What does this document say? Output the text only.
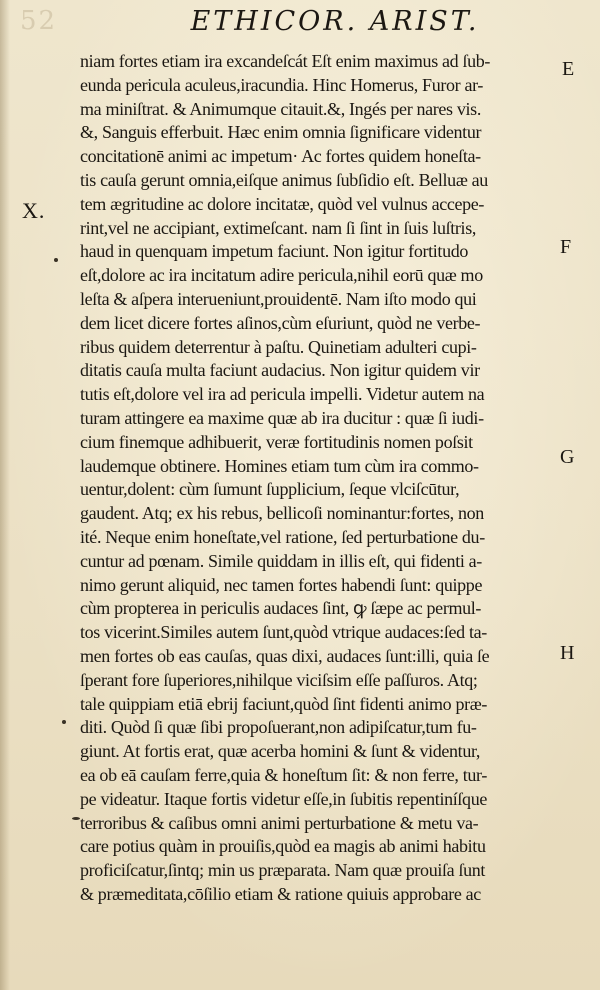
52	ETHICOR. ARIST.
X.
E
F
G
H
niam fortes etiam ira excandeſcát Eſt enim maximus ad ſub-
eunda pericula aculeus,iracundia. Hinc Homerus, Furor ar-
ma miniſtrat. & Animumque citauit.&, Ingés per nares vis.
&, Sanguis efferbuit. Hæc enim omnia ſignificare videntur
concitationē animi ac impetum· Ac fortes quidem honeſta-
tis cauſa gerunt omnia,eiſque animus ſubſidio eſt. Belluæ au
tem ægritudine ac dolore incitatæ, quòd vel vulnus accepe-
rint,vel ne accipiant, extimeſcant. nam ſi ſint in ſuis luſtris,
haud in quenquam impetum faciunt. Non igitur fortitudo
eſt,dolore ac ira incitatum adire pericula,nihil eorū quæ mo
leſta & aſpera interueniunt,prouidentē. Nam iſto modo qui
dem licet dicere fortes aſinos,cùm eſuriunt, quòd ne verbe-
ribus quidem deterrentur à paſtu. Quinetiam adulteri cupi-
ditatis cauſa multa faciunt audacius. Non igitur quidem vir
tutis eſt,dolore vel ira ad pericula impelli. Videtur autem na
turam attingere ea maxime quæ ab ira ducitur : quæ ſi iudi-
cium finemque adhibuerit, veræ fortitudinis nomen poſsit
laudemque obtinere. Homines etiam tum cùm ira commo-
uentur,dolent: cùm ſumunt ſupplicium, ſeque vlciſcūtur,
gaudent. Atq; ex his rebus, bellicoſi nominantur:fortes, non
ité. Neque enim honeſtate,vel ratione, ſed perturbatione du-
cuntur ad pœnam. Simile quiddam in illis eſt, qui fidenti a-
nimo gerunt aliquid, nec tamen fortes habendi ſunt: quippe
cùm propterea in periculis audaces ſint, ꝙ ſæpe ac permul-
tos vicerint.Similes autem ſunt,quòd vtrique audaces:ſed ta-
men fortes ob eas cauſas, quas dixi, audaces ſunt:illi, quia ſe
ſperant fore ſuperiores,nihilque viciſsim eſſe paſſuros. Atq;
tale quippiam etiā ebrij faciunt,quòd ſint fidenti animo præ-
diti. Quòd ſi quæ ſibi propoſuerant,non adipiſcatur,tum fu-
giunt. At fortis erat, quæ acerba homini & ſunt & videntur,
ea ob eā cauſam ferre,quia & honeſtum ſit: & non ferre, tur-
pe videatur. Itaque fortis videtur eſſe,in ſubitis repentiníſque
terroribus & caſibus omni animi perturbatione & metu va-
care potius quàm in prouiſis,quòd ea magis ab animi habitu
proficiſcatur,ſintq; min us præparata. Nam quæ prouiſa ſunt
& præmeditata,cōſilio etiam & ratione quiuis approbare ac
